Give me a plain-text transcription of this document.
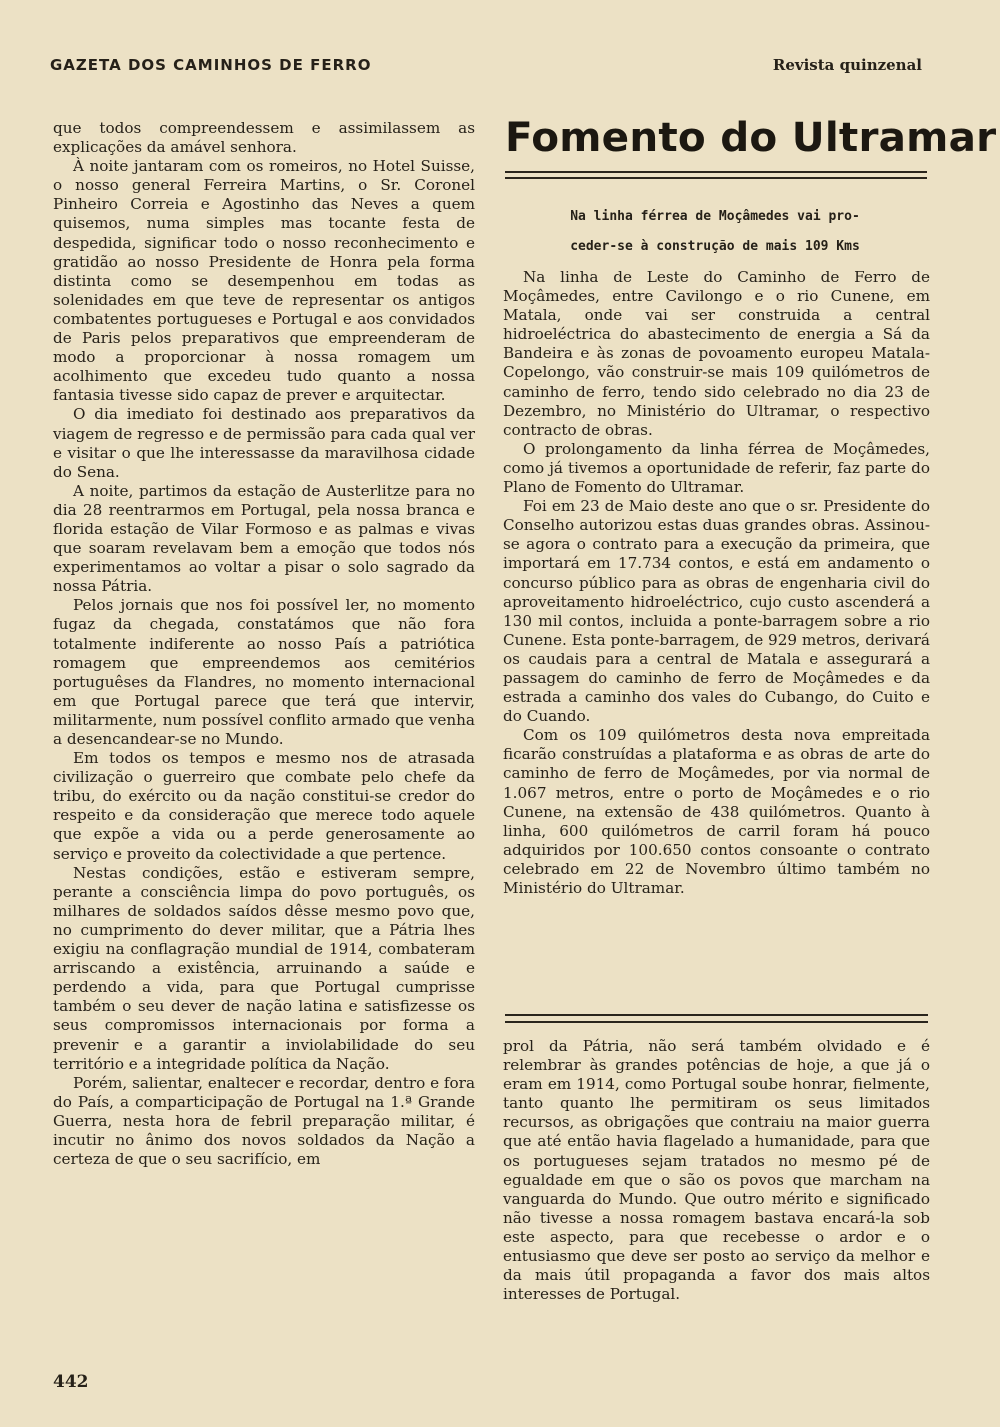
GAZETA DOS CAMINHOS DE FERRO	Revista quinzenal

que todos compreendessem e assimilassem as explicações da amável senhora.

À noite jantaram com os romeiros, no Hotel Suisse, o nosso general Ferreira Martins, o Sr. Coronel Pinheiro Correia e Agostinho das Neves a quem quisemos, numa simples mas tocante festa de despedida, significar todo o nosso reconhecimento e gratidão ao nosso Presidente de Honra pela forma distinta como se desempenhou em todas as solenidades em que teve de representar os antigos combatentes portugueses e Portugal e aos convidados de Paris pelos preparativos que empreenderam de modo a proporcionar à nossa romagem um acolhimento que excedeu tudo quanto a nossa fantasia tivesse sido capaz de prever e arquitectar.

O dia imediato foi destinado aos preparativos da viagem de regresso e de permissão para cada qual ver e visitar o que lhe interessasse da maravilhosa cidade do Sena.

A noite, partimos da estação de Austerlitze para no dia 28 reentrarmos em Portugal, pela nossa branca e florida estação de Vilar Formoso e as palmas e vivas que soaram revelavam bem a emoção que todos nós experimentamos ao voltar a pisar o solo sagrado da nossa Pátria.

Pelos jornais que nos foi possível ler, no momento fugaz da chegada, constatámos que não fora totalmente indiferente ao nosso País a patriótica romagem que empreendemos aos cemitérios portuguêses da Flandres, no momento internacional em que Portugal parece que terá que intervir, militarmente, num possível conflito armado que venha a desencandear-se no Mundo.

Em todos os tempos e mesmo nos de atrasada civilização o guerreiro que combate pelo chefe da tribu, do exército ou da nação constitui-se credor do respeito e da consideração que merece todo aquele que expõe a vida ou a perde generosamente ao serviço e proveito da colectividade a que pertence.

Nestas condições, estão e estiveram sempre, perante a consciência limpa do povo português, os milhares de soldados saídos dêsse mesmo povo que, no cumprimento do dever militar, que a Pátria lhes exigiu na conflagração mundial de 1914, combateram arriscando a existência, arruinando a saúde e perdendo a vida, para que Portugal cumprisse também o seu dever de nação latina e satisfizesse os seus compromissos internacionais por forma a prevenir e a garantir a inviolabilidade do seu território e a integridade política da Nação.

Porém, salientar, enaltecer e recordar, dentro e fora do País, a comparticipação de Portugal na 1.ª Grande Guerra, nesta hora de febril preparação militar, é incutir no ânimo dos novos soldados da Nação a certeza de que o seu sacrifício, em

Fomento do Ultramar
Na linha férrea de Moçâmedes vai pro-
ceder-se à construção de mais 109 Kms

Na linha de Leste do Caminho de Ferro de Moçâmedes, entre Cavilongo e o rio Cunene, em Matala, onde vai ser construida a central hidroeléctrica do abastecimento de energia a Sá da Bandeira e às zonas de povoamento europeu Matala-Copelongo, vão construir-se mais 109 quilómetros de caminho de ferro, tendo sido celebrado no dia 23 de Dezembro, no Ministério do Ultramar, o respectivo contracto de obras.

O prolongamento da linha férrea de Moçâmedes, como já tivemos a oportunidade de referir, faz parte do Plano de Fomento do Ultramar.

Foi em 23 de Maio deste ano que o sr. Presidente do Conselho autorizou estas duas grandes obras. Assinou-se agora o contrato para a execução da primeira, que importará em 17.734 contos, e está em andamento o concurso público para as obras de engenharia civil do aproveitamento hidroeléctrico, cujo custo ascenderá a 130 mil contos, incluida a ponte-barragem sobre a rio Cunene. Esta ponte-barragem, de 929 metros, derivará os caudais para a central de Matala e assegurará a passagem do caminho de ferro de Moçâmedes e da estrada a caminho dos vales do Cubango, do Cuito e do Cuando.

Com os 109 quilómetros desta nova empreitada ficarão construídas a plataforma e as obras de arte do caminho de ferro de Moçâmedes, por via normal de 1.067 metros, entre o porto de Moçâmedes e o rio Cunene, na extensão de 438 quilómetros. Quanto à linha, 600 quilómetros de carril foram há pouco adquiridos por 100.650 contos consoante o contrato celebrado em 22 de Novembro último também no Ministério do Ultramar.

prol da Pátria, não será também olvidado e é relembrar às grandes potências de hoje, a que já o eram em 1914, como Portugal soube honrar, fielmente, tanto quanto lhe permitiram os seus limitados recursos, as obrigações que contraiu na maior guerra que até então havia flagelado a humanidade, para que os portugueses sejam tratados no mesmo pé de egualdade em que o são os povos que marcham na vanguarda do Mundo. Que outro mérito e significado não tivesse a nossa romagem bastava encará-la sob este aspecto, para que recebesse o ardor e o entusiasmo que deve ser posto ao serviço da melhor e da mais útil propaganda a favor dos mais altos interesses de Portugal.

442
